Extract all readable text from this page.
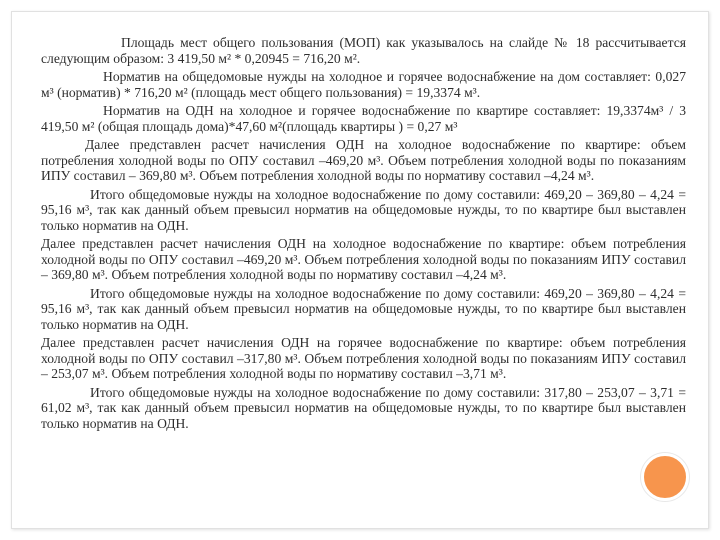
Площадь мест общего пользования (МОП) как указывалось на слайде № 18 рассчитывается следующим образом: 3 419,50 м² * 0,20945 = 716,20 м².

Норматив на общедомовые нужды на холодное и горячее водоснабжение на дом составляет: 0,027 м³ (норматив) * 716,20 м² (площадь мест общего пользования) = 19,3374 м³.

Норматив на ОДН на холодное и горячее водоснабжение по квартире составляет: 19,3374м³ / 3 419,50 м² (общая площадь дома)*47,60 м²(площадь квартиры ) = 0,27 м³

Далее представлен расчет начисления ОДН на холодное водоснабжение по квартире: объем потребления холодной воды по ОПУ составил –469,20 м³. Объем потребления холодной воды по показаниям ИПУ составил – 369,80 м³. Объем потребления холодной воды по нормативу составил –4,24 м³.

Итого общедомовые нужды на холодное водоснабжение по дому составили: 469,20 – 369,80 – 4,24 = 95,16 м³, так как данный объем превысил норматив на общедомовые нужды, то по квартире был выставлен только норматив на ОДН.

Далее представлен расчет начисления ОДН на холодное водоснабжение по квартире: объем потребления холодной воды по ОПУ составил –469,20 м³. Объем потребления холодной воды по показаниям ИПУ составил – 369,80 м³. Объем потребления холодной воды по нормативу составил –4,24 м³.

Итого общедомовые нужды на холодное водоснабжение по дому составили: 469,20 – 369,80 – 4,24 = 95,16 м³, так как данный объем превысил норматив на общедомовые нужды, то по квартире был выставлен только норматив на ОДН.

Далее представлен расчет начисления ОДН на горячее водоснабжение по квартире: объем потребления холодной воды по ОПУ составил –317,80 м³. Объем потребления холодной воды по показаниям ИПУ составил – 253,07 м³. Объем потребления холодной воды по нормативу составил –3,71 м³.

Итого общедомовые нужды на холодное водоснабжение по дому составили: 317,80 – 253,07 – 3,71 = 61,02 м³, так как данный объем превысил норматив на общедомовые нужды, то по квартире был выставлен только норматив на ОДН.
